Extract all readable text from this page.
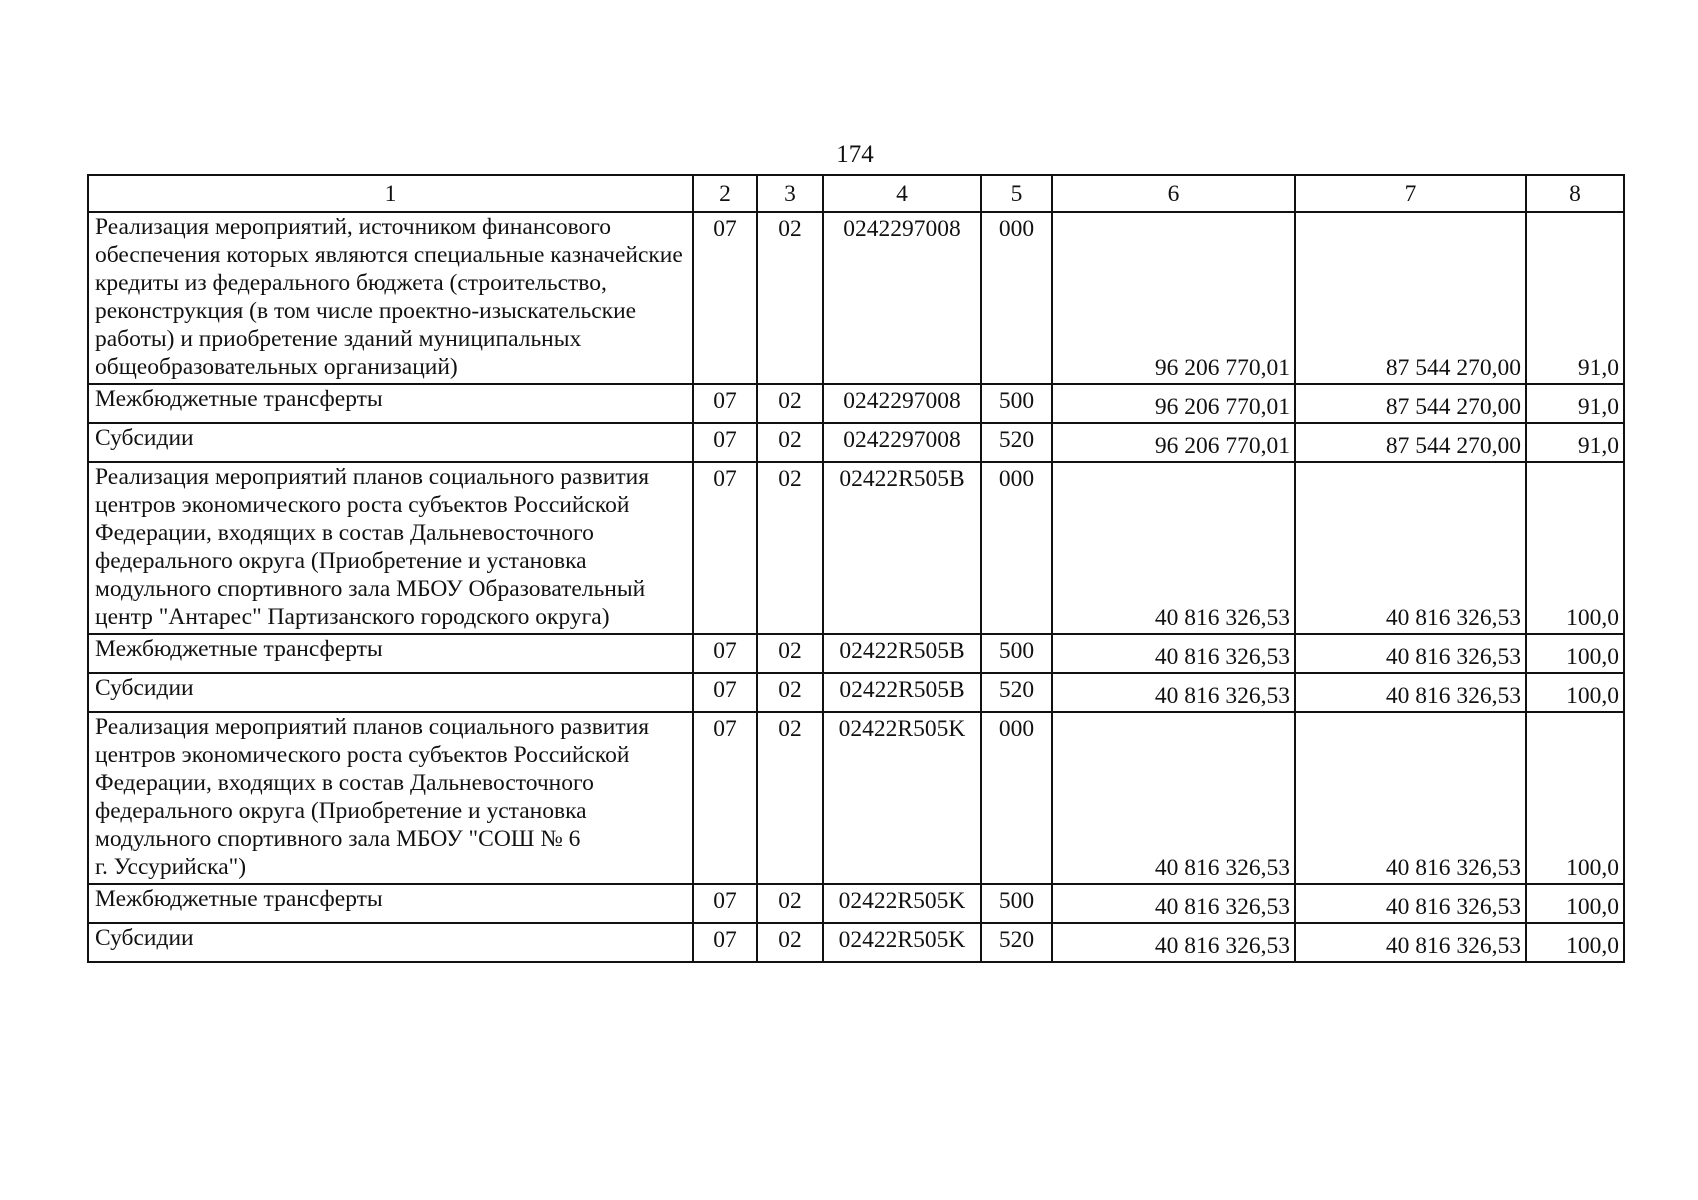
174
1	2	3	4	5	6	7	8

Реализация мероприятий, источником финансового обеспечения которых являются специальные казначейские кредиты из федерального бюджета (строительство, реконструкция (в том числе проектно-изыскательские работы) и приобретение зданий муниципальных общеобразовательных организаций)	07	02	0242297008	000	96 206 770,01	87 544 270,00	91,0
Межбюджетные трансферты	07	02	0242297008	500	96 206 770,01	87 544 270,00	91,0
Субсидии	07	02	0242297008	520	96 206 770,01	87 544 270,00	91,0

Реализация мероприятий планов социального развития центров экономического роста субъектов Российской Федерации, входящих в состав Дальневосточного федерального округа (Приобретение и установка модульного спортивного зала МБОУ Образовательный центр "Антарес" Партизанского городского округа)	07	02	02422R505B	000	40 816 326,53	40 816 326,53	100,0
Межбюджетные трансферты	07	02	02422R505B	500	40 816 326,53	40 816 326,53	100,0
Субсидии	07	02	02422R505B	520	40 816 326,53	40 816 326,53	100,0

Реализация мероприятий планов социального развития центров экономического роста субъектов Российской Федерации, входящих в состав Дальневосточного федерального округа (Приобретение и установка модульного спортивного зала МБОУ "СОШ № 6
г. Уссурийска")	07	02	02422R505K	000	40 816 326,53	40 816 326,53	100,0
Межбюджетные трансферты	07	02	02422R505K	500	40 816 326,53	40 816 326,53	100,0
Субсидии	07	02	02422R505K	520	40 816 326,53	40 816 326,53	100,0
